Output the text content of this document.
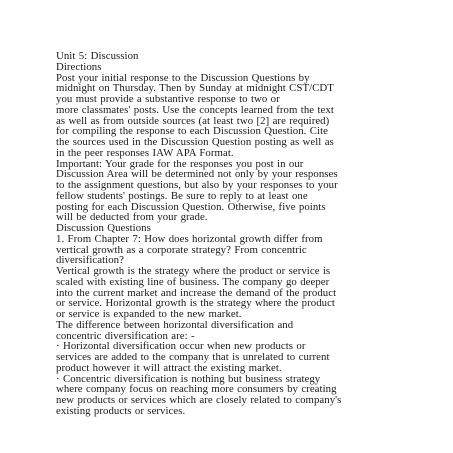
Unit 5: Discussion
Directions
Post your initial response to the Discussion Questions by
midnight on Thursday. Then by Sunday at midnight CST/CDT
you must provide a substantive response to two or
more classmates' posts. Use the concepts learned from the text
as well as from outside sources (at least two [2] are required)
for compiling the response to each Discussion Question. Cite
the sources used in the Discussion Question posting as well as
in the peer responses IAW APA Format.
Important: Your grade for the responses you post in our
Discussion Area will be determined not only by your responses
to the assignment questions, but also by your responses to your
fellow students' postings. Be sure to reply to at least one
posting for each Discussion Question. Otherwise, five points
will be deducted from your grade.
Discussion Questions
1. From Chapter 7: How does horizontal growth differ from
vertical growth as a corporate strategy? From concentric
diversification?
Vertical growth is the strategy where the product or service is
scaled with existing line of business. The company go deeper
into the current market and increase the demand of the product
or service. Horizontal growth is the strategy where the product
or service is expanded to the new market.
The difference between horizontal diversification and
concentric diversification are: -
· Horizontal diversification occur when new products or
services are added to the company that is unrelated to current
product however it will attract the existing market.
· Concentric diversification is nothing but business strategy
where company focus on reaching more consumers by creating
new products or services which are closely related to company's
existing products or services.
